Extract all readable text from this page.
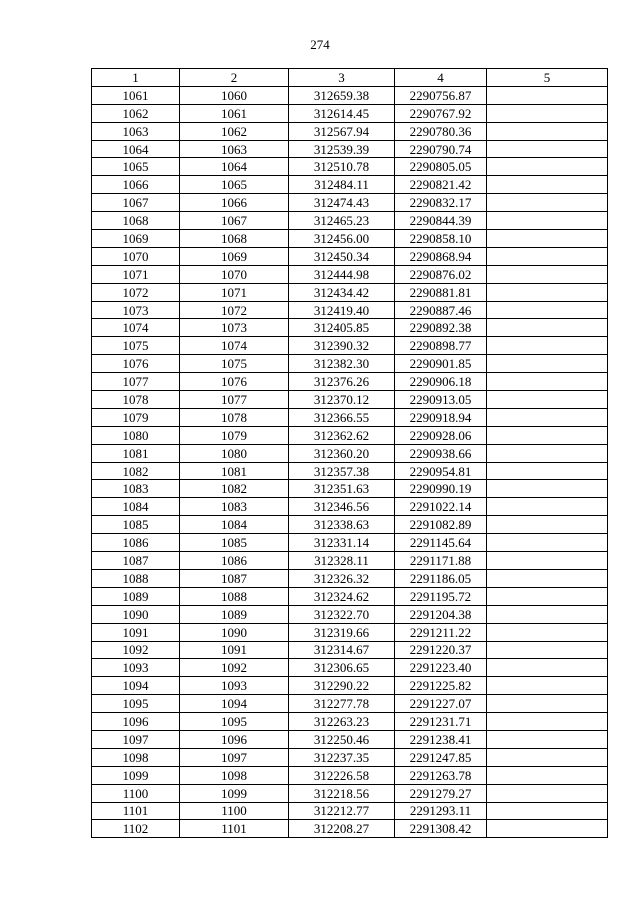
274
1	2	3	4	5
1061	1060	312659.38	2290756.87	
1062	1061	312614.45	2290767.92	
1063	1062	312567.94	2290780.36	
1064	1063	312539.39	2290790.74	
1065	1064	312510.78	2290805.05	
1066	1065	312484.11	2290821.42	
1067	1066	312474.43	2290832.17	
1068	1067	312465.23	2290844.39	
1069	1068	312456.00	2290858.10	
1070	1069	312450.34	2290868.94	
1071	1070	312444.98	2290876.02	
1072	1071	312434.42	2290881.81	
1073	1072	312419.40	2290887.46	
1074	1073	312405.85	2290892.38	
1075	1074	312390.32	2290898.77	
1076	1075	312382.30	2290901.85	
1077	1076	312376.26	2290906.18	
1078	1077	312370.12	2290913.05	
1079	1078	312366.55	2290918.94	
1080	1079	312362.62	2290928.06	
1081	1080	312360.20	2290938.66	
1082	1081	312357.38	2290954.81	
1083	1082	312351.63	2290990.19	
1084	1083	312346.56	2291022.14	
1085	1084	312338.63	2291082.89	
1086	1085	312331.14	2291145.64	
1087	1086	312328.11	2291171.88	
1088	1087	312326.32	2291186.05	
1089	1088	312324.62	2291195.72	
1090	1089	312322.70	2291204.38	
1091	1090	312319.66	2291211.22	
1092	1091	312314.67	2291220.37	
1093	1092	312306.65	2291223.40	
1094	1093	312290.22	2291225.82	
1095	1094	312277.78	2291227.07	
1096	1095	312263.23	2291231.71	
1097	1096	312250.46	2291238.41	
1098	1097	312237.35	2291247.85	
1099	1098	312226.58	2291263.78	
1100	1099	312218.56	2291279.27	
1101	1100	312212.77	2291293.11	
1102	1101	312208.27	2291308.42	
